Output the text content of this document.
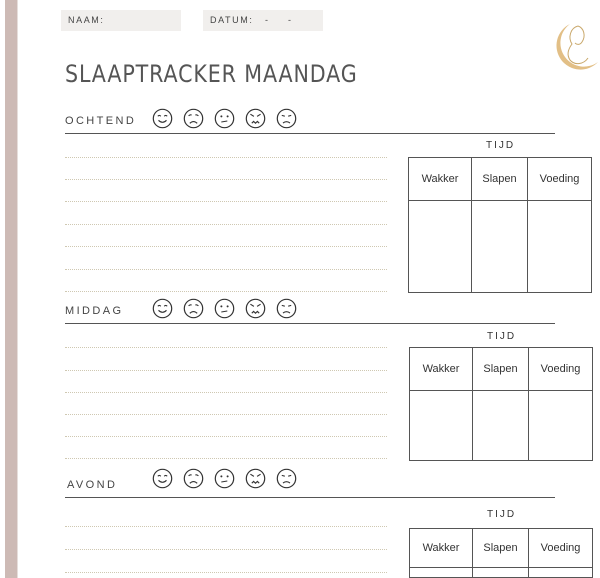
NAAM:	DATUM: -    -
SLAAPTRACKER MAANDAG
OCHTEND
TIJD
Wakker	Slapen	Voeding

MIDDAG
TIJD
Wakker	Slapen	Voeding

AVOND
TIJD
Wakker	Slapen	Voeding
